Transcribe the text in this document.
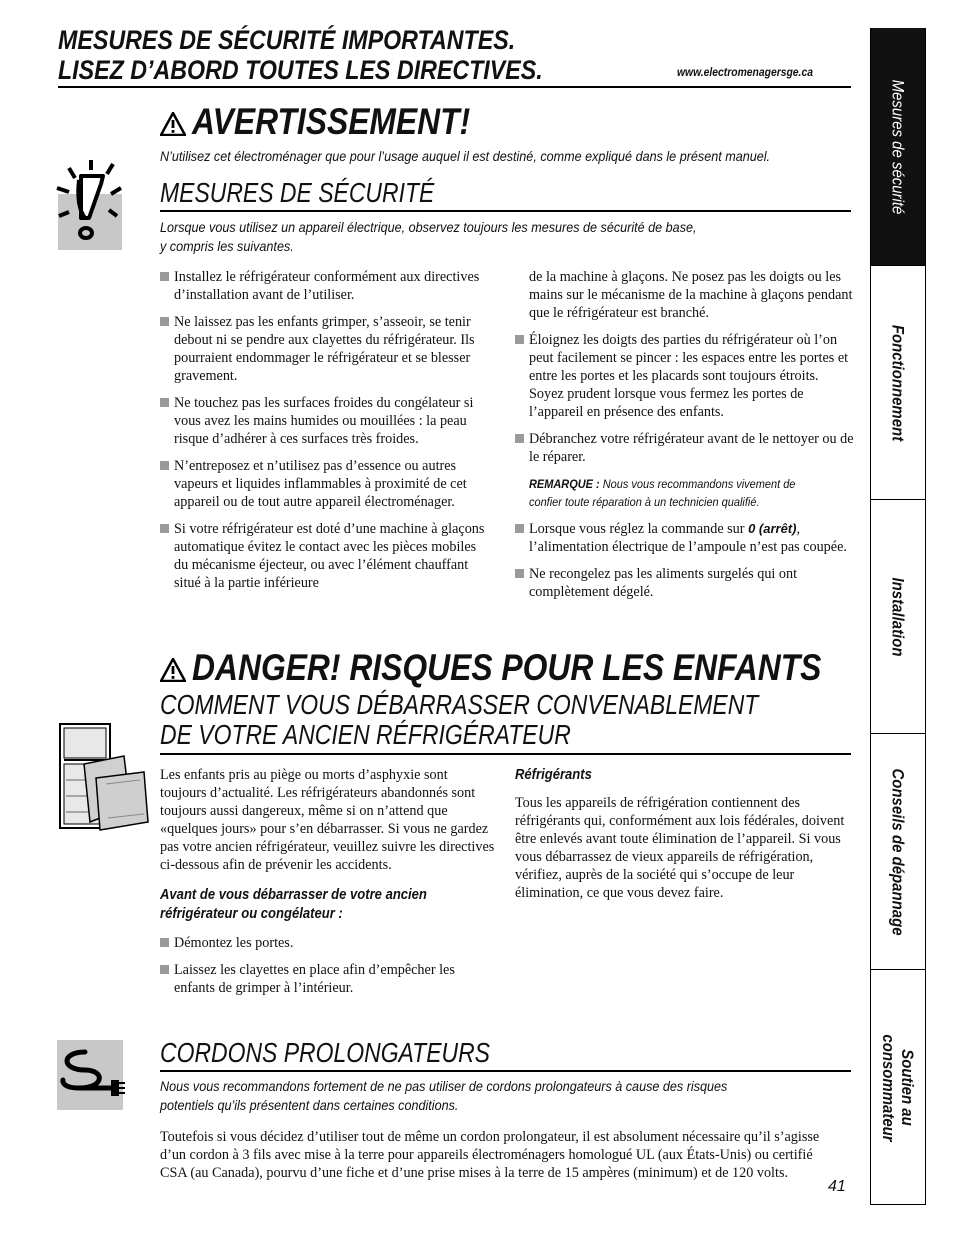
MESURES DE SÉCURITÉ IMPORTANTES.
LISEZ D’ABORD TOUTES LES DIRECTIVES.	www.electromenagersge.ca
AVERTISSEMENT!
N’utilisez cet électroménager que pour l’usage auquel il est destiné, comme expliqué dans le présent manuel.
MESURES DE SÉCURITÉ
Lorsque vous utilisez un appareil électrique, observez toujours les mesures de sécurité de base,
y compris les suivantes.
Installez le réfrigérateur conformément aux directives d’installation avant de l’utiliser.
Ne laissez pas les enfants grimper, s’asseoir, se tenir debout ni se pendre aux clayettes du réfrigérateur. Ils pourraient endommager le réfrigérateur et se blesser gravement.
Ne touchez pas les surfaces froides du congélateur si vous avez les mains humides ou mouillées : la peau risque d’adhérer à ces surfaces très froides.
N’entreposez et n’utilisez pas d’essence ou autres vapeurs et liquides inflammables à proximité de cet appareil ou de tout autre appareil électroménager.
Si votre réfrigérateur est doté d’une machine à glaçons automatique évitez le contact avec les pièces mobiles du mécanisme éjecteur, ou avec l’élément chauffant situé à la partie inférieure
de la machine à glaçons. Ne posez pas les doigts ou les mains sur le mécanisme de la machine à glaçons pendant que le réfrigérateur est branché.
Éloignez les doigts des parties du réfrigérateur où l’on peut facilement se pincer : les espaces entre les portes et entre les portes et les placards sont toujours étroits. Soyez prudent lorsque vous fermez les portes de l’appareil en présence des enfants.
Débranchez votre réfrigérateur avant de le nettoyer ou de le réparer.
REMARQUE : Nous vous recommandons vivement de
confier toute réparation à un technicien qualifié.
Lorsque vous réglez la commande sur 0 (arrêt), l’alimentation électrique de l’ampoule n’est pas coupée.
Ne recongelez pas les aliments surgelés qui ont complètement dégelé.
DANGER! RISQUES POUR LES ENFANTS
COMMENT VOUS DÉBARRASSER CONVENABLEMENT
DE VOTRE ANCIEN RÉFRIGÉRATEUR
Les enfants pris au piège ou morts d’asphyxie sont toujours d’actualité. Les réfrigérateurs abandonnés sont toujours aussi dangereux, même si on n’attend que «quelques jours» pour s’en débarrasser. Si vous ne gardez pas votre ancien réfrigérateur, veuillez suivre les directives ci-dessous afin de prévenir les accidents.
Avant de vous débarrasser de votre ancien
réfrigérateur ou congélateur :
Démontez les portes.
Laissez les clayettes en place afin d’empêcher les enfants de grimper à l’intérieur.
Réfrigérants
Tous les appareils de réfrigération contiennent des réfrigérants qui, conformément aux lois fédérales, doivent être enlevés avant toute élimination de l’appareil. Si vous vous débarrassez de vieux appareils de réfrigération, vérifiez, auprès de la société qui s’occupe de leur élimination, ce que vous devez faire.
CORDONS PROLONGATEURS
Nous vous recommandons fortement de ne pas utiliser de cordons prolongateurs à cause des risques
potentiels qu’ils présentent dans certaines conditions.
Toutefois si vous décidez d’utiliser tout de même un cordon prolongateur, il est absolument nécessaire qu’il s’agisse d’un cordon à 3 fils avec mise à la terre pour appareils électroménagers homologué UL (aux États-Unis) ou certifié CSA (au Canada), pourvu d’une fiche et d’une prise mises à la terre de 15 ampères (minimum) et de 120 volts.
41
Mesures de sécurité
Fonctionnement
Installation
Conseils de dépannage
Soutien au
consommateur
